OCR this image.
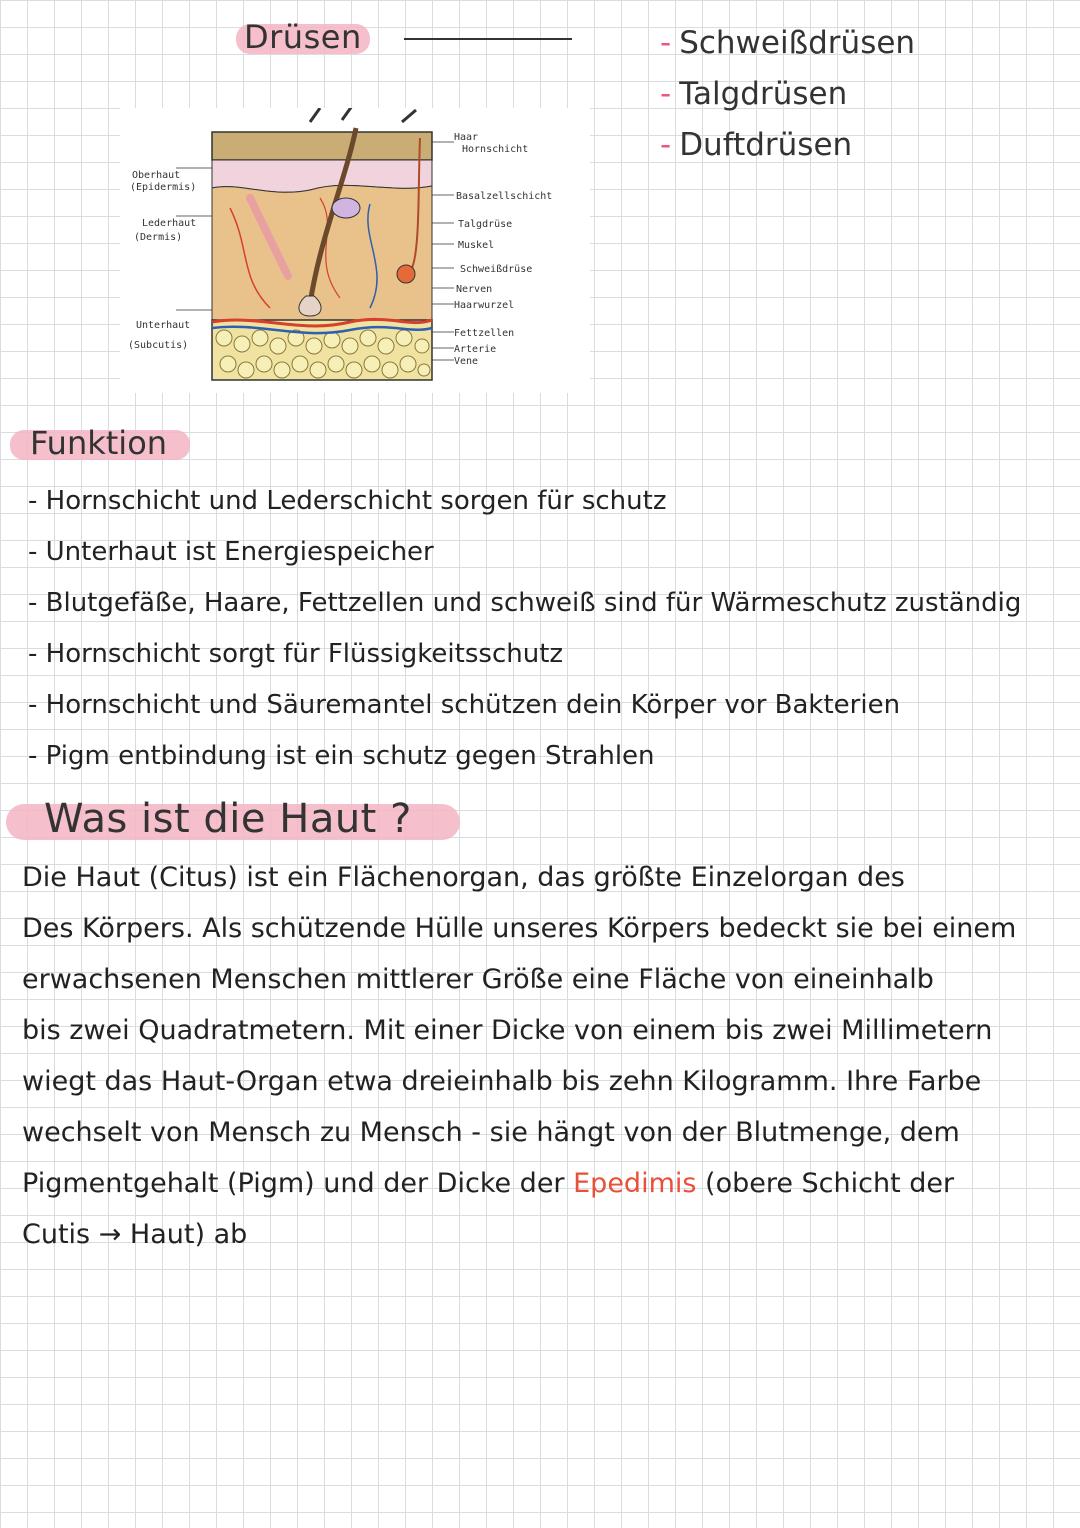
Drüsen	- Schweißdrüsen
- Talgdrüsen
- Duftdrüsen
Oberhaut
(Epidermis)
Lederhaut
(Dermis)
Unterhaut
(Subcutis)
Haar
Hornschicht
Basalzellschicht
Talgdrüse
Muskel
Schweißdrüse
Nerven
Haarwurzel
Fettzellen
Arterie
Vene
Funktion
- Hornschicht und Lederschicht sorgen für schutz
- Unterhaut ist Energiespeicher
- Blutgefäße, Haare, Fettzellen und schweiß sind für Wärmeschutz zuständig
- Hornschicht sorgt für Flüssigkeitsschutz
- Hornschicht und Säuremantel schützen dein Körper vor Bakterien
- Pigm entbindung ist ein schutz gegen Strahlen
Was ist die Haut ?
Die Haut (Citus) ist ein Flächenorgan, das größte Einzelorgan des
Des Körpers. Als schützende Hülle unseres Körpers bedeckt sie bei einem
erwachsenen Menschen mittlerer Größe eine Fläche von eineinhalb
bis zwei Quadratmetern. Mit einer Dicke von einem bis zwei Millimetern
wiegt das Haut-Organ etwa dreieinhalb bis zehn Kilogramm. Ihre Farbe
wechselt von Mensch zu Mensch - sie hängt von der Blutmenge, dem
Pigmentgehalt (Pigm) und der Dicke der Epedimis (obere Schicht der
Cutis → Haut) ab
